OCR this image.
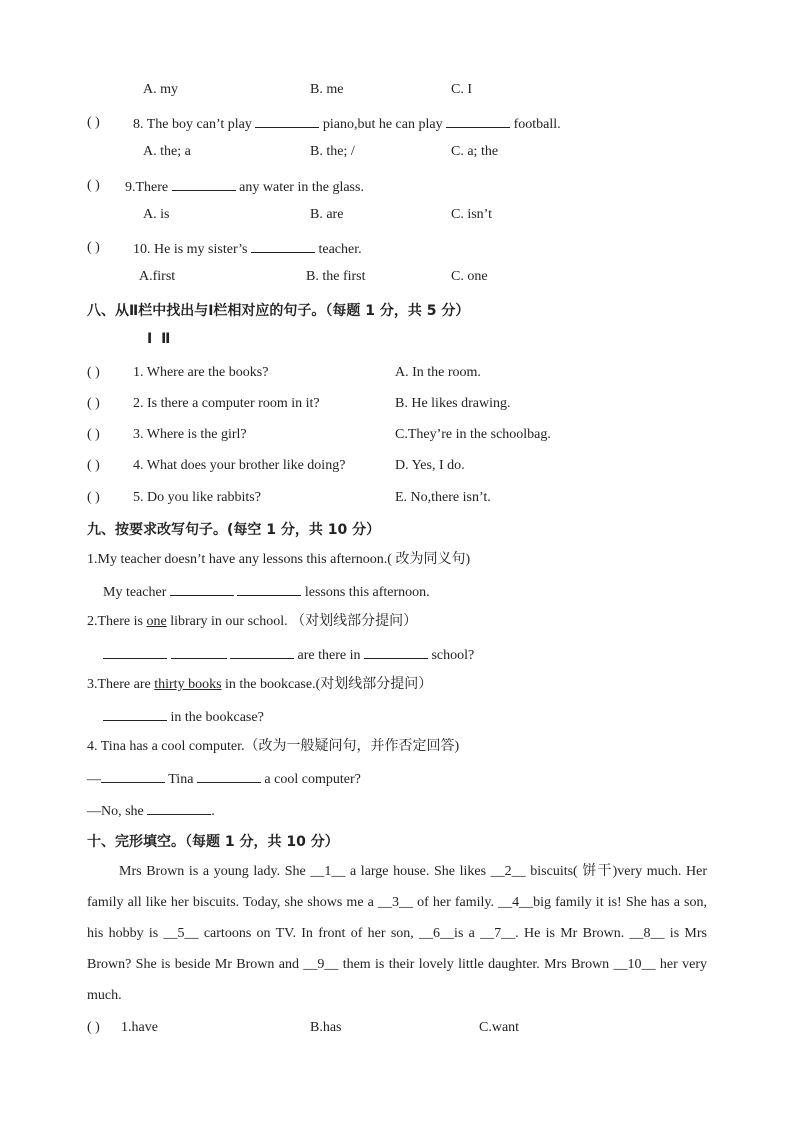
A. my	B. me	C. I
( ) 8. The boy can’t play	piano,but he can play	football.
A. the; a	B. the; /	C. a; the
( ) 9.There	any water in the glass.
A. is	B. are	C. isn’t
( ) 10. He is my sister’s	teacher.
A.first	B. the first	C. one
八、从Ⅱ栏中找出与Ⅰ栏相对应的句子。（每题 1 分，共 5 分）
Ⅰ Ⅱ
( ) 1. Where are the books?	A. In the room.
( ) 2. Is there a computer room in it?	B. He likes drawing.
( ) 3. Where is the girl?	C.They’re in the schoolbag.
( ) 4. What does your brother like doing?	D. Yes, I do.
( ) 5. Do you like rabbits?	E. No,there isn’t.
九、按要求改写句子。(每空 1 分，共 10 分）
1.My teacher doesn’t have any lessons this afternoon.( 改为同义句)
My teacher	lessons this afternoon.
2.There is one library in our school. （对划线部分提问）
are there in	school?
3.There are thirty books in the bookcase.(对划线部分提问）
in the bookcase?
4. Tina has a cool computer.（改为一般疑问句，并作否定回答)
—	Tina	a cool computer?
—No, she	.
十、完形填空。（每题 1 分，共 10 分）
Mrs Brown is a young lady. She __1__ a large house. She likes __2__ biscuits( 饼干)very much. Her family all like her biscuits. Today, she shows me a __3__ of her family. __4__big family it is! She has a son, his hobby is __5__ cartoons on TV. In front of her son, __6__is a __7__. He is Mr Brown. __8__ is Mrs Brown? She is beside Mr Brown and __9__ them is their lovely little daughter. Mrs Brown __10__ her very much.
( ) 1.have	B.has	C.want
